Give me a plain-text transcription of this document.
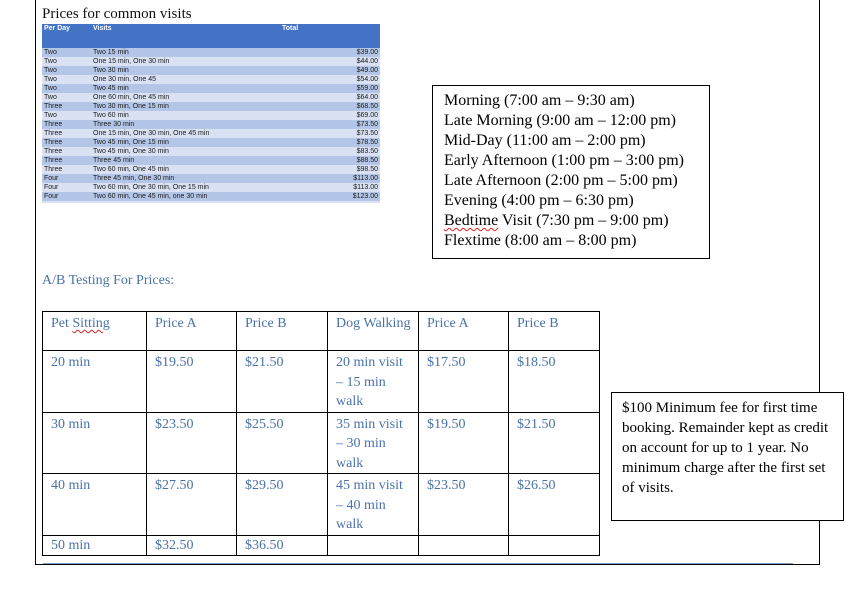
Prices for common visits
Per Day	Visits	Total
Two	Two 15 min	$39.00
Two	One 15 min, One 30 min	$44.00
Two	Two 30 min	$49.00
Two	One 30 min, One 45	$54.00
Two	Two 45 min	$59.00
Two	One 60 min, One 45 min	$64.00
Three	Two 30 min, One 15 min	$68.50
Two	Two 60 min	$69.00
Three	Three 30 min	$73.50
Three	One 15 min, One 30 min, One 45 min	$73.50
Three	Two 45 min, One 15 min	$78.50
Three	Two 45 min, One 30 min	$83.50
Three	Three 45 min	$88.50
Three	Two 60 min, One 45 min	$98.50
Four	Three 45 min, One 30 min	$113.00
Four	Two 60 min, One 30 min, One 15 min	$113.00
Four	Two 60 min, One 45 min, one 30 min	$123.00

Morning (7:00 am – 9:30 am)
Late Morning (9:00 am – 12:00 pm)
Mid-Day (11:00 am – 2:00 pm)
Early Afternoon (1:00 pm – 3:00 pm)
Late Afternoon (2:00 pm – 5:00 pm)
Evening (4:00 pm – 6:30 pm)
Bedtime Visit (7:30 pm – 9:00 pm)
Flextime (8:00 am – 8:00 pm)
A/B Testing For Prices:
Pet Sitting	Price A	Price B	Dog Walking	Price A	Price B
20 min	$19.50	$21.50	20 min visit – 15 min walk	$17.50	$18.50
30 min	$23.50	$25.50	35 min visit – 30 min walk	$19.50	$21.50
40 min	$27.50	$29.50	45 min visit – 40 min walk	$23.50	$26.50
50 min	$32.50	$36.50			
$100 Minimum fee for first time booking. Remainder kept as credit on account for up to 1 year. No minimum charge after the first set of visits.
